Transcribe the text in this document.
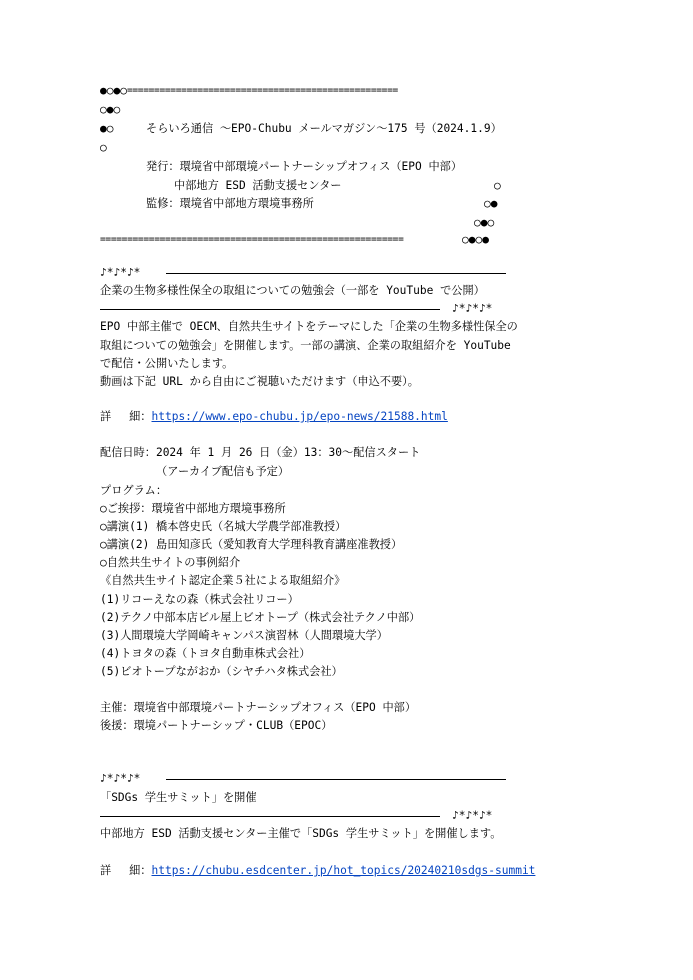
●○●○==================================================
○●○
●○	そらいろ通信 ～EPO-Chubu メールマガジン～175 号（2024.1.9）
○
発行：環境省中部環境パートナーシップオフィス（EPO 中部）
中部地方 ESD 活動支援センター	○
監修：環境省中部地方環境事務所	○●
○●○
========================================================	○●○●
♪*♪*♪*
企業の生物多様性保全の取組についての勉強会（一部を YouTube で公開）
♪*♪*♪*
EPO 中部主催で OECM、自然共生サイトをテーマにした「企業の生物多様性保全の
取組についての勉強会」を開催します。一部の講演、企業の取組紹介を YouTube
で配信・公開いたします。
動画は下記 URL から自由にご視聴いただけます（申込不要）。
詳　 細：https://www.epo-chubu.jp/epo-news/21588.html
配信日時：2024 年 1 月 26 日（金）13：30～配信スタート
（アーカイブ配信も予定）
プログラム：
○ご挨拶：環境省中部地方環境事務所
○講演(1) 橋本啓史氏（名城大学農学部准教授）
○講演(2) 島田知彦氏（愛知教育大学理科教育講座准教授）
○自然共生サイトの事例紹介
《自然共生サイト認定企業５社による取組紹介》
(1)リコーえなの森（株式会社リコー）
(2)テクノ中部本店ビル屋上ビオトープ（株式会社テクノ中部）
(3)人間環境大学岡崎キャンパス演習林（人間環境大学）
(4)トヨタの森（トヨタ自動車株式会社）
(5)ビオトープながおか（シヤチハタ株式会社）
主催：環境省中部環境パートナーシップオフィス（EPO 中部）
後援：環境パートナーシップ・CLUB（EPOC）
♪*♪*♪*
「SDGs 学生サミット」を開催
♪*♪*♪*
中部地方 ESD 活動支援センター主催で「SDGs 学生サミット」を開催します。
詳　 細：https://chubu.esdcenter.jp/hot_topics/20240210sdgs-summit
